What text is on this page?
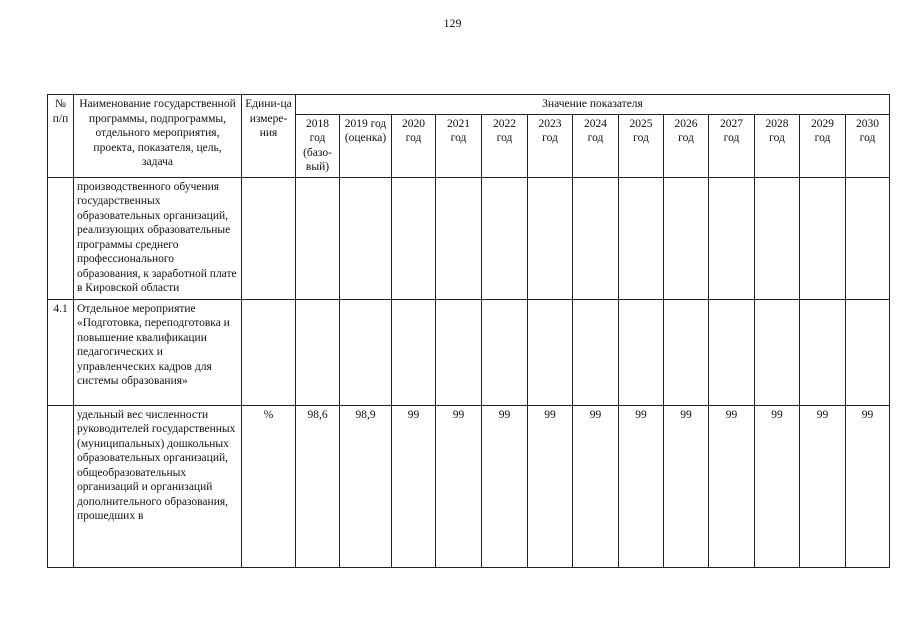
129
№ п/п	Наименование государственной программы, подпрограммы, отдельного мероприятия, проекта, показателя, цель, задача	Едини-ца измере-ния	Значение показателя												
			2018 год (базо-вый)	2019 год (оценка)	2020 год	2021 год	2022 год	2023 год	2024 год	2025 год	2026 год	2027 год	2028 год	2029 год	2030 год
	производственного обучения государственных образовательных организаций, реализующих образовательные программы среднего профессионального образования, к заработной плате в Кировской области														
4.1	Отдельное мероприятие «Подготовка, переподготовка и повышение квалификации педагогических и управленческих кадров для системы образования»														
	удельный вес численности руководителей государственных (муниципальных) дошкольных образовательных организаций, общеобразовательных организаций и организаций дополнительного образования, прошедших в	%	98,6	98,9	99	99	99	99	99	99	99	99	99	99	99
